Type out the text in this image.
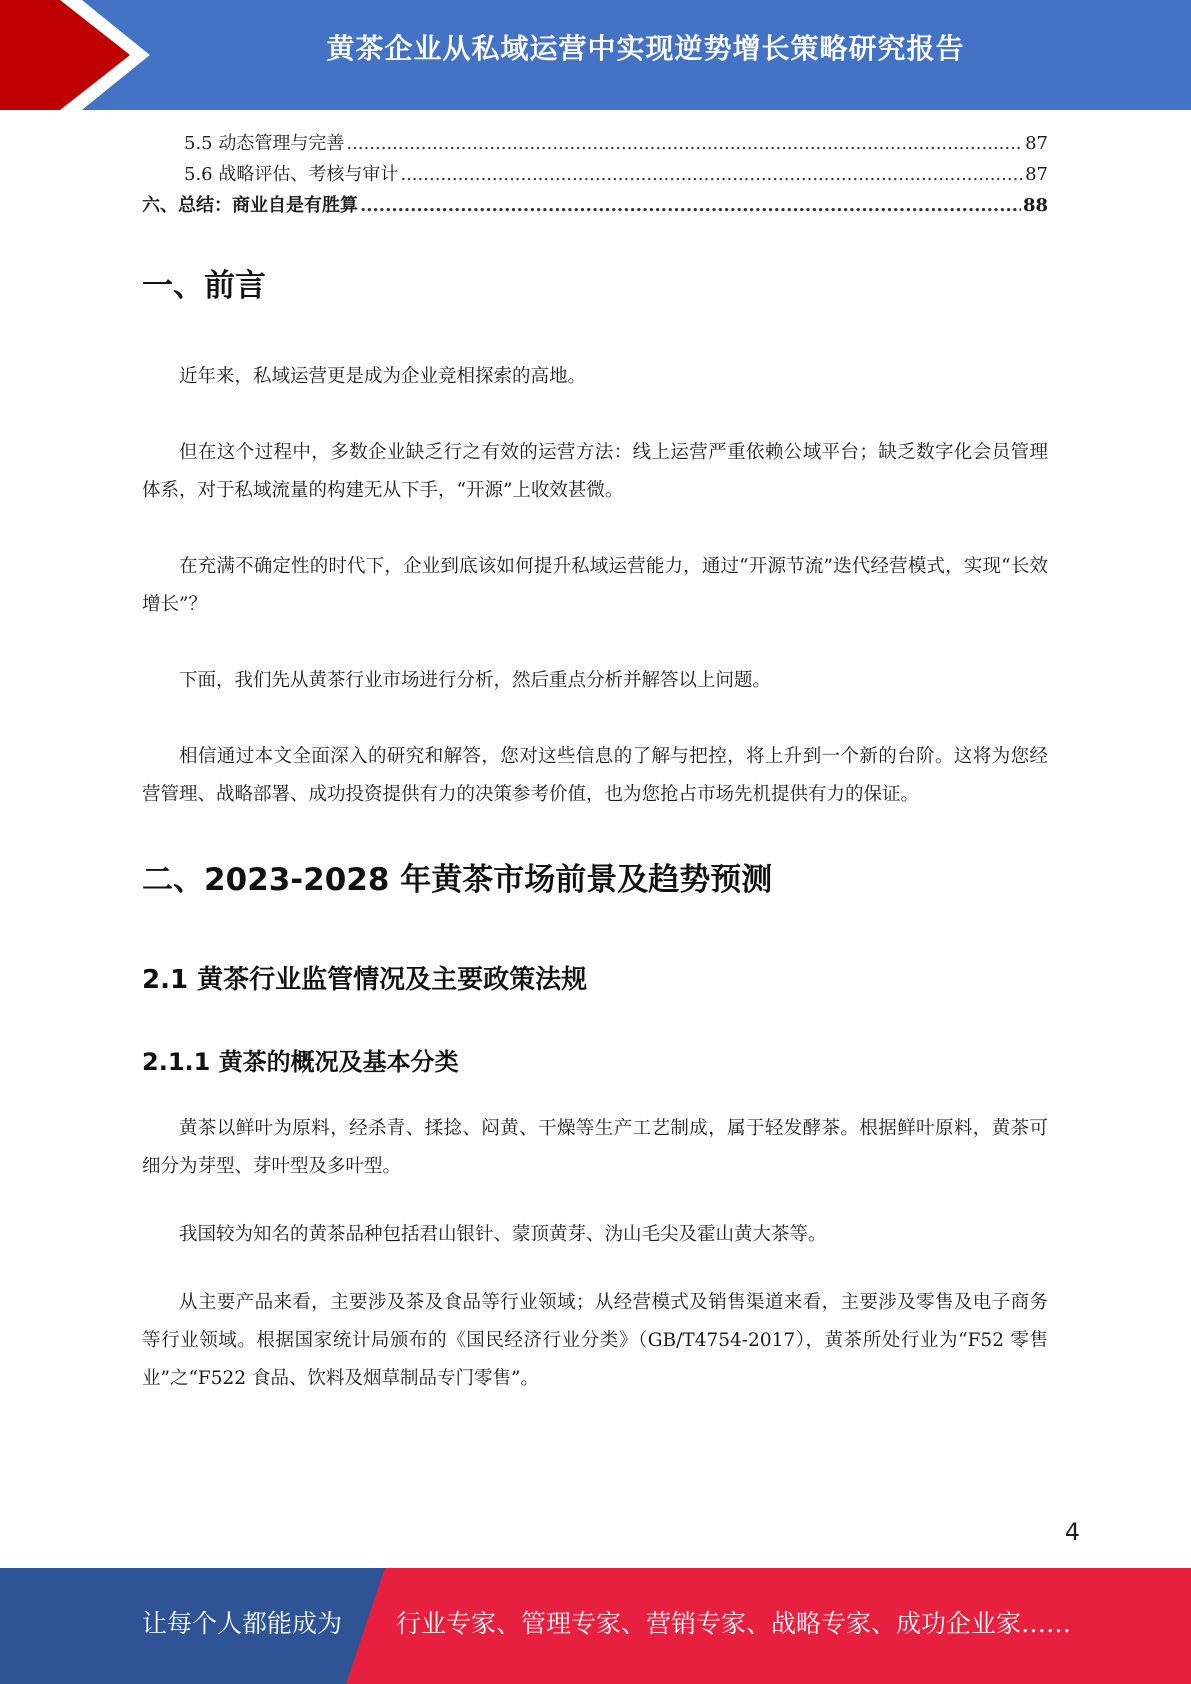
黄茶企业从私域运营中实现逆势增长策略研究报告
5.5 动态管理与完善 .....	87
5.6 战略评估、考核与审计 .....	87
六、总结：商业自是有胜算 .....	88
一、前言

近年来，私域运营更是成为企业竞相探索的高地。

但在这个过程中，多数企业缺乏行之有效的运营方法：线上运营严重依赖公域平台；缺乏数字化会员管理体系，对于私域流量的构建无从下手，“开源”上收效甚微。

在充满不确定性的时代下，企业到底该如何提升私域运营能力，通过“开源节流”迭代经营模式，实现“长效增长”？

下面，我们先从黄茶行业市场进行分析，然后重点分析并解答以上问题。

相信通过本文全面深入的研究和解答，您对这些信息的了解与把控，将上升到一个新的台阶。这将为您经营管理、战略部署、成功投资提供有力的决策参考价值，也为您抢占市场先机提供有力的保证。

二、2023-2028 年黄茶市场前景及趋势预测
2.1 黄茶行业监管情况及主要政策法规
2.1.1 黄茶的概况及基本分类

黄茶以鲜叶为原料，经杀青、揉捻、闷黄、干燥等生产工艺制成，属于轻发酵茶。根据鲜叶原料，黄茶可细分为芽型、芽叶型及多叶型。

我国较为知名的黄茶品种包括君山银针、蒙顶黄芽、沩山毛尖及霍山黄大茶等。

从主要产品来看，主要涉及茶及食品等行业领域；从经营模式及销售渠道来看，主要涉及零售及电子商务等行业领域。根据国家统计局颁布的《国民经济行业分类》（GB/T4754-2017），黄茶所处行业为“F52 零售业”之“F522 食品、饮料及烟草制品专门零售”。

4
让每个人都能成为 行业专家、管理专家、营销专家、战略专家、成功企业家……
